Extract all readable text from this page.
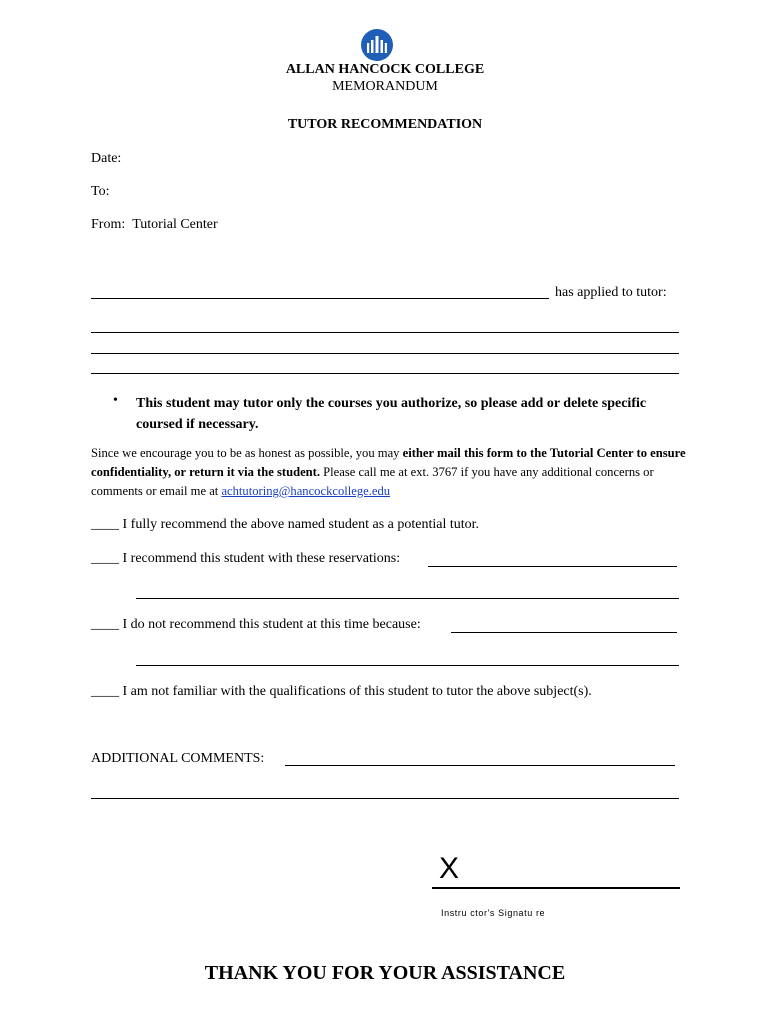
ALLAN HANCOCK COLLEGE
MEMORANDUM
TUTOR RECOMMENDATION
Date:
To:
From: Tutorial Center
has applied to tutor:
• This student may tutor only the courses you authorize, so please add or delete specific coursed if necessary.
Since we encourage you to be as honest as possible, you may either mail this form to the Tutorial Center to ensure confidentiality, or return it via the student. Please call me at ext. 3767 if you have any additional concerns or comments or email me at achtutoring@hancockcollege.edu
____ I fully recommend the above named student as a potential tutor.
____ I recommend this student with these reservations:
____ I do not recommend this student at this time because:
____ I am not familiar with the qualifications of this student to tutor the above subject(s).
ADDITIONAL COMMENTS:
X
Instru ctor's Signatu re
THANK YOU FOR YOUR ASSISTANCE
